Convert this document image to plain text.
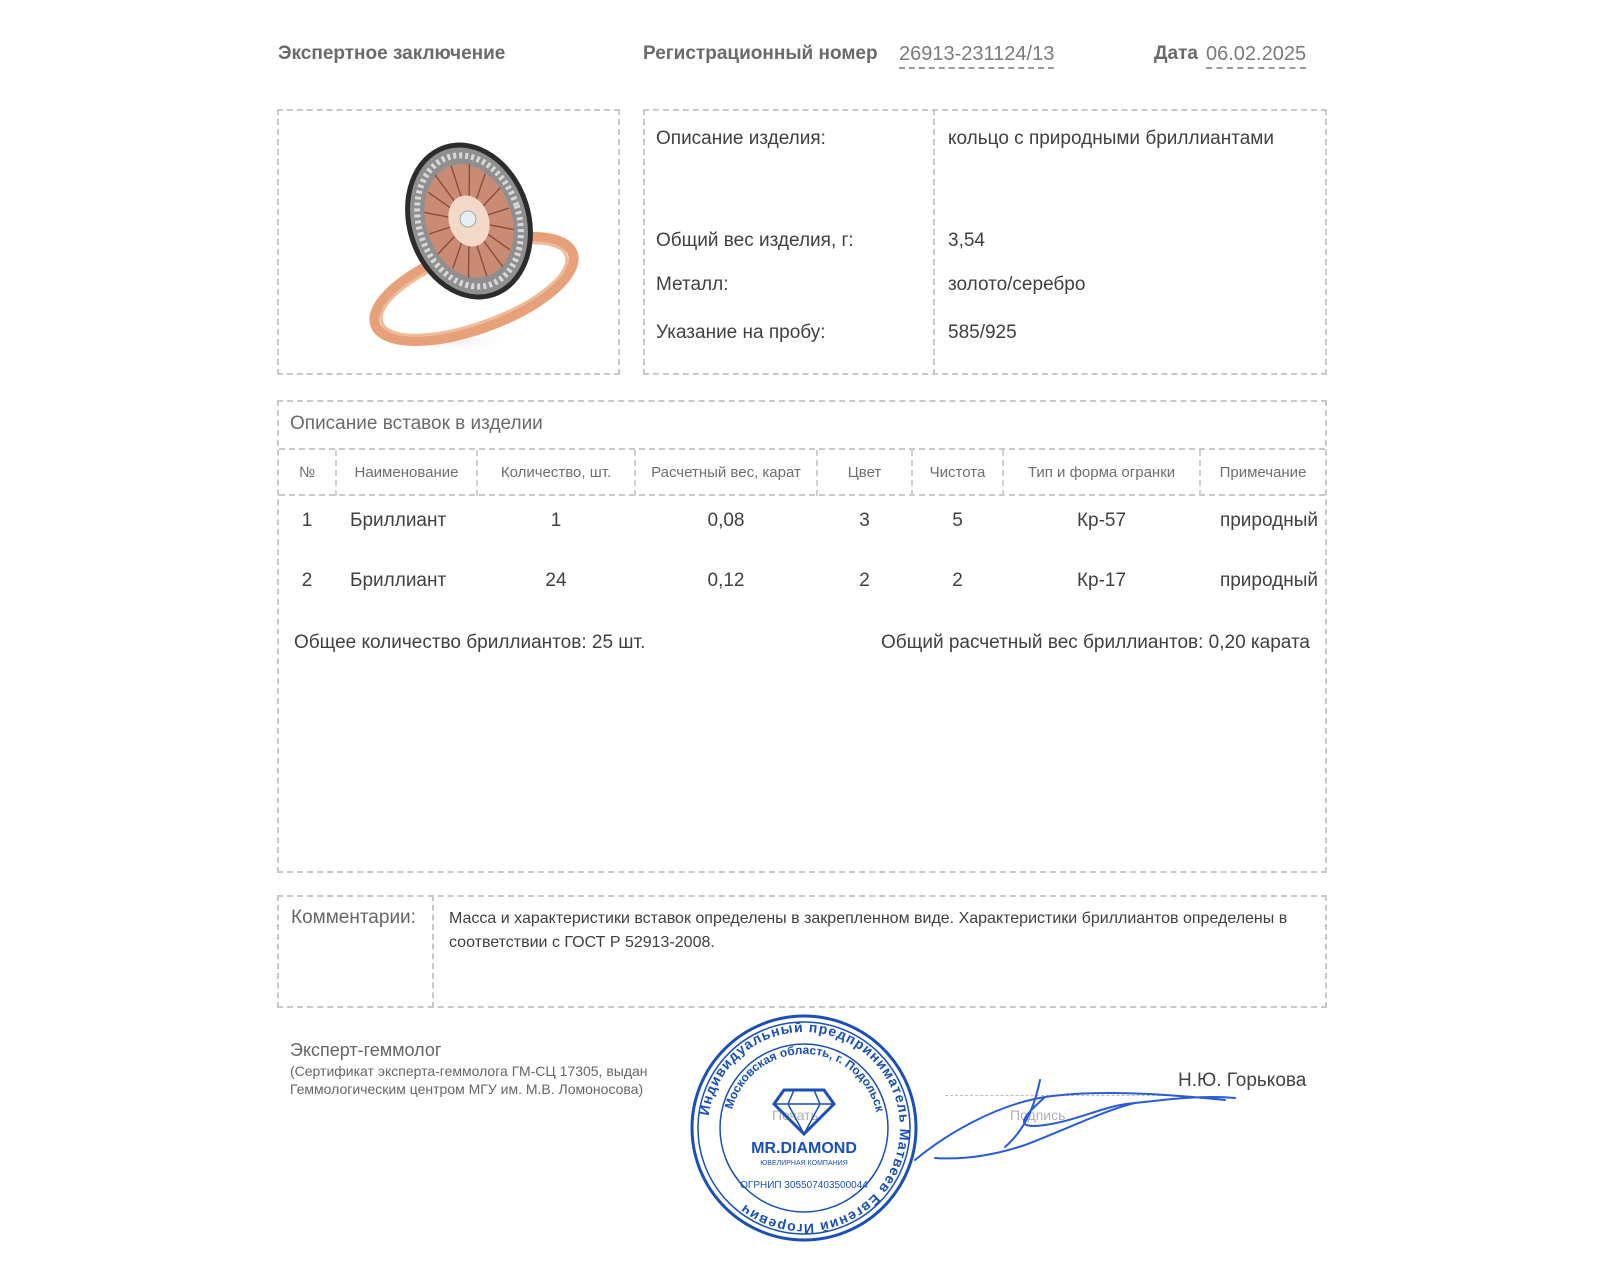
Экспертное заключение	Регистрационный номер 26913-231124/13	Дата 06.02.2025
Описание изделия:	кольцо с природными бриллиантами
Общий вес изделия, г:	3,54
Металл:	золото/серебро
Указание на пробу:	585/925
Описание вставок в изделии
№	Наименование	Количество, шт.	Расчетный вес, карат	Цвет	Чистота	Тип и форма огранки	Примечание
1	Бриллиант	1	0,08	3	5	Кр-57	природный
2	Бриллиант	24	0,12	2	2	Кр-17	природный
Общее количество бриллиантов: 25 шт.	Общий расчетный вес бриллиантов: 0,20 карата
Комментарии: Масса и характеристики вставок определены в закрепленном виде. Характеристики бриллиантов определены в соответствии с ГОСТ Р 52913-2008.
Эксперт-геммолог
(Сертификат эксперта-геммолога ГМ-СЦ 17305, выдан Геммологическим центром МГУ им. М.В. Ломоносова)
Печать	Подпись
Н.Ю. Горькова
Индивидуальный предприниматель Матвеев Евгений Игоревич
Московская область, г. Подольск
MR.DIAMOND
ЮВЕЛИРНАЯ КОМПАНИЯ
ОГРНИП 305507403500044
